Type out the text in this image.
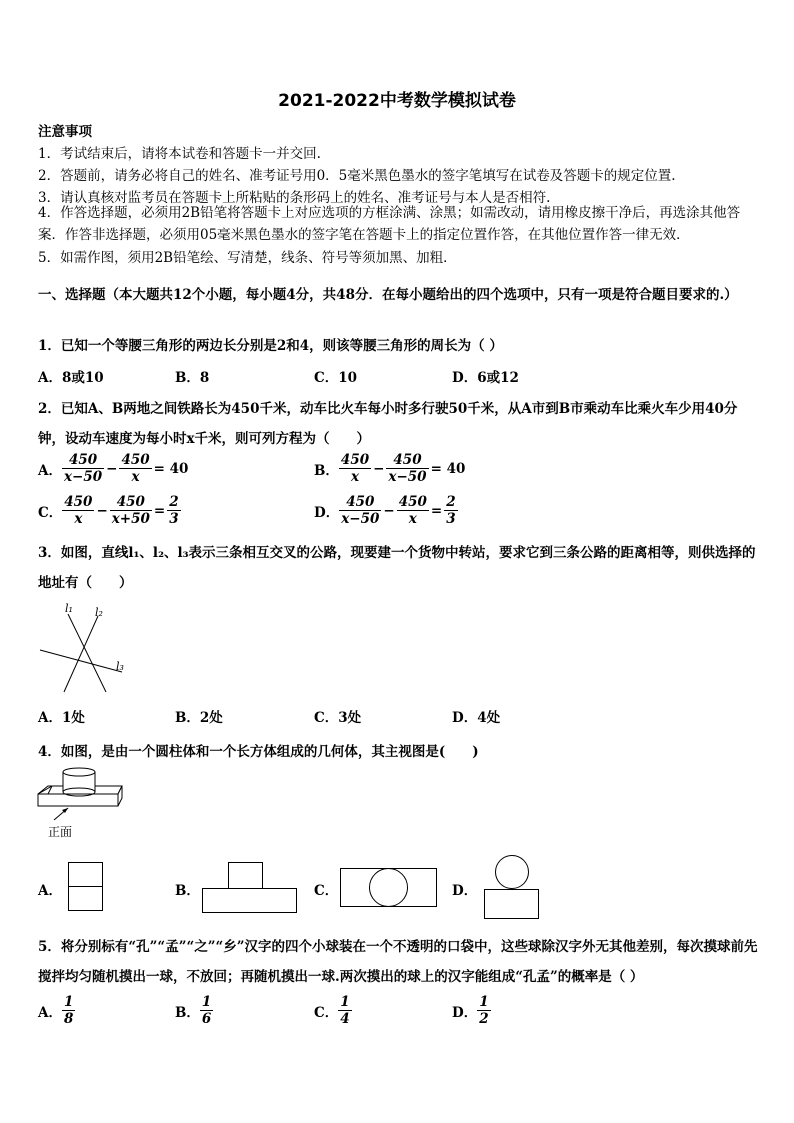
2021-2022中考数学模拟试卷
注意事项
1．考试结束后，请将本试卷和答题卡一并交回.
2．答题前，请务必将自己的姓名、准考证号用0．5毫米黑色墨水的签字笔填写在试卷及答题卡的规定位置.
3．请认真核对监考员在答题卡上所粘贴的条形码上的姓名、准考证号与本人是否相符.
4．作答选择题，必须用2B铅笔将答题卡上对应选项的方框涂满、涂黑；如需改动，请用橡皮擦干净后，再选涂其他答案．作答非选择题，必须用05毫米黑色墨水的签字笔在答题卡上的指定位置作答，在其他位置作答一律无效．
5．如需作图，须用2B铅笔绘、写清楚，线条、符号等须加黑、加粗．
一、选择题（本大题共12个小题，每小题4分，共48分．在每小题给出的四个选项中，只有一项是符合题目要求的.）
1．已知一个等腰三角形的两边长分别是2和4，则该等腰三角形的周长为（ ）
A．8或10	B．8	C．10	D．6或12
2．已知A、B两地之间铁路长为450千米，动车比火车每小时多行驶50千米，从A市到B市乘动车比乘火车少用40分钟，设动车速度为每小时x千米，则可列方程为（　　）
A． $\frac{450}{x-50} - \frac{450}{x} = 40$	B． $\frac{450}{x} - \frac{450}{x-50} = 40$
C． $\frac{450}{x} - \frac{450}{x+50} = \frac{2}{3}$	D． $\frac{450}{x-50} - \frac{450}{x} = \frac{2}{3}$
3．如图，直线l₁、l₂、l₃表示三条相互交叉的公路，现要建一个货物中转站，要求它到三条公路的距离相等，则供选择的地址有（　　）
l₁ l₂
l₃
A．1处	B．2处	C．3处	D．4处
4．如图，是由一个圆柱体和一个长方体组成的几何体，其主视图是(　　)
正面
A．	B．	C．	D．
5．将分别标有“孔”“孟”“之”“乡”汉字的四个小球装在一个不透明的口袋中，这些球除汉字外无其他差别，每次摸球前先搅拌均匀随机摸出一球，不放回；再随机摸出一球.两次摸出的球上的汉字能组成“孔孟”的概率是（ ）
A． $\frac{1}{8}$	B． $\frac{1}{6}$	C． $\frac{1}{4}$	D． $\frac{1}{2}$
